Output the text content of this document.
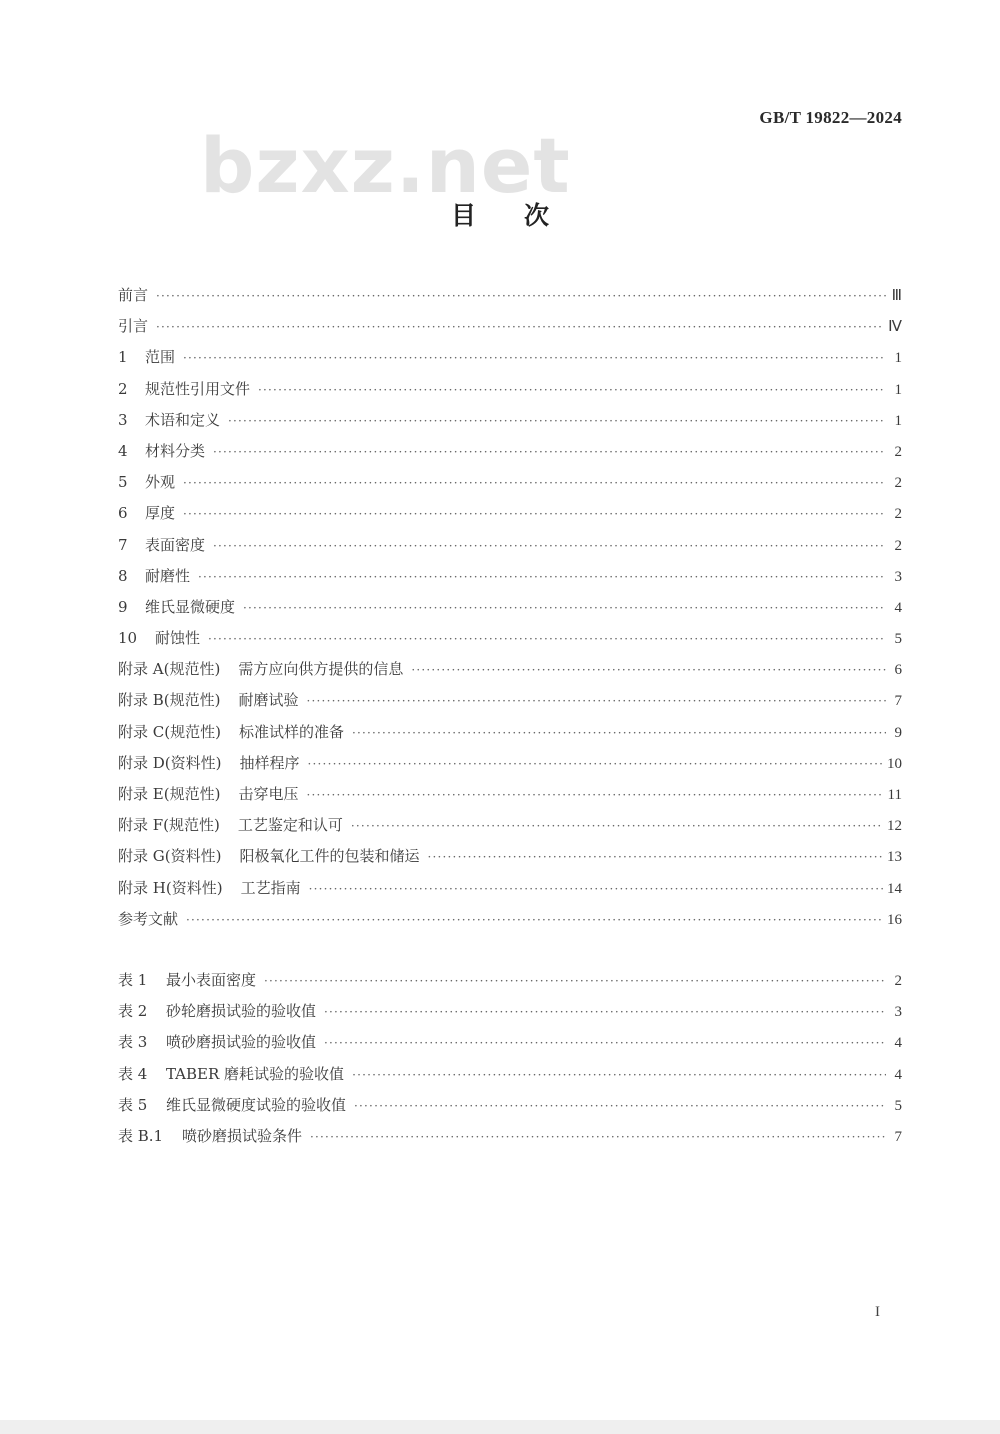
bzxz.net
GB/T 19822—2024
目次
前言 ·····	Ⅲ
引言 ·····	Ⅳ
1	范围 ·····	1
2	规范性引用文件 ·····	1
3	术语和定义 ·····	1
4	材料分类 ·····	2
5	外观 ·····	2
6	厚度 ·····	2
7	表面密度 ·····	2
8	耐磨性 ·····	3
9	维氏显微硬度 ·····	4
10	耐蚀性 ·····	5
附录 A(规范性) 需方应向供方提供的信息 ·····	6
附录 B(规范性) 耐磨试验 ·····	7
附录 C(规范性) 标准试样的准备 ·····	9
附录 D(资料性) 抽样程序 ·····	10
附录 E(规范性) 击穿电压 ·····	11
附录 F(规范性) 工艺鉴定和认可 ·····	12
附录 G(资料性) 阳极氧化工件的包装和储运 ·····	13
附录 H(资料性) 工艺指南 ·····	14
参考文献 ·····	16
表 1	最小表面密度 ·····	2
表 2	砂轮磨损试验的验收值 ·····	3
表 3	喷砂磨损试验的验收值 ·····	4
表 4	TABER 磨耗试验的验收值 ·····	4
表 5	维氏显微硬度试验的验收值 ·····	5
表 B.1	喷砂磨损试验条件 ·····	7
I
